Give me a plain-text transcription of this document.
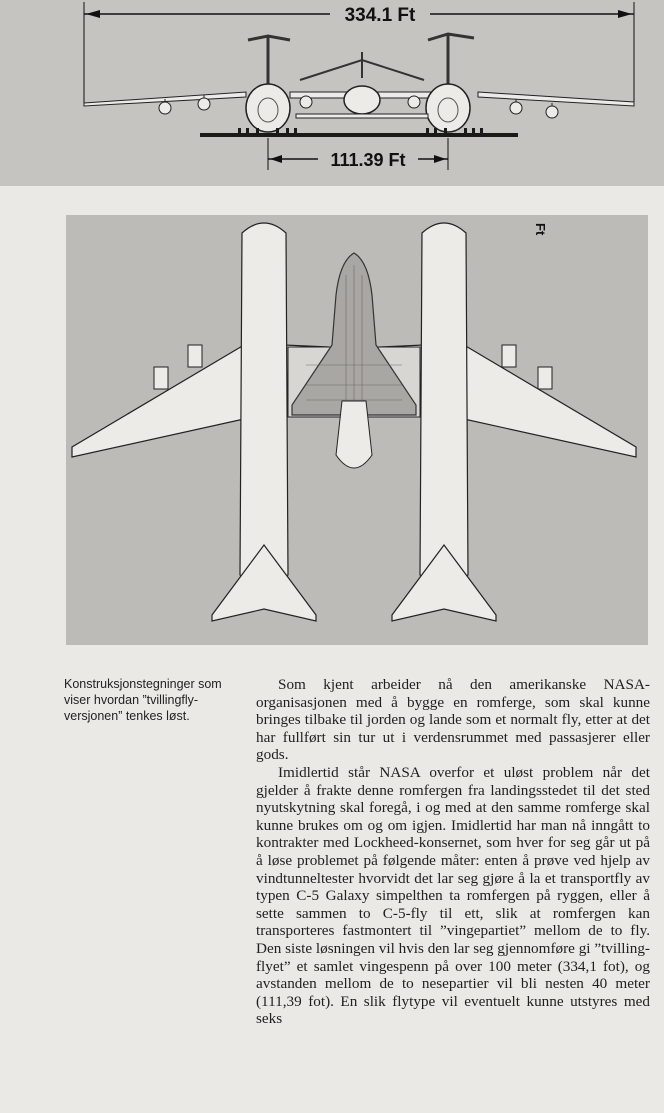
334.1 Ft
111.39 Ft
Ft
Konstruksjonstegninger som viser hvordan ”tvillingfly-versjonen” tenkes løst.

Som kjent arbeider nå den amerikanske NASA-organisasjonen med å bygge en romferge, som skal kunne bringes tilbake til jorden og lande som et normalt fly, etter at det har fullført sin tur ut i verdensrummet med passasjerer eller gods.

Imidlertid står NASA overfor et uløst problem når det gjelder å frakte denne romfergen fra landingsstedet til det sted nyutskytning skal foregå, i og med at den samme romferge skal kunne brukes om og om igjen. Imidlertid har man nå inngått to kontrakter med Lockheed-konsernet, som hver for seg går ut på å løse problemet på følgende måter: enten å prøve ved hjelp av vindtunneltester hvorvidt det lar seg gjøre å la et transportfly av typen C-5 Galaxy simpelthen ta romfergen på ryggen, eller å sette sammen to C-5-fly til ett, slik at romfergen kan transporteres fastmontert til ”vingepartiet” mellom de to fly. Den siste løsningen vil hvis den lar seg gjennomføre gi ”tvilling-flyet” et samlet vingespenn på over 100 meter (334,1 fot), og avstanden mellom de to nesepartier vil bli nesten 40 meter (111,39 fot). En slik flytype vil eventuelt kunne utstyres med seks
